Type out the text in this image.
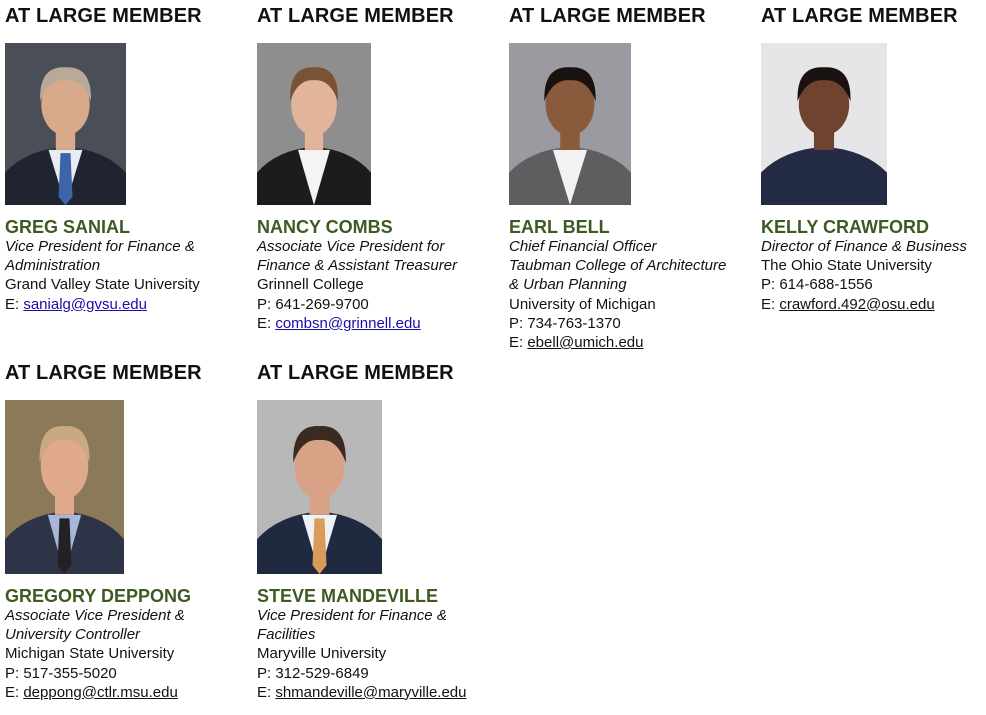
AT LARGE MEMBER
GREG SANIAL
Vice President for Finance &
Administration
Grand Valley State University
E: sanialg@gvsu.edu
AT LARGE MEMBER
NANCY COMBS
Associate Vice President for
Finance & Assistant Treasurer
Grinnell College
P: 641-269-9700
E: combsn@grinnell.edu
AT LARGE MEMBER
EARL BELL
Chief Financial Officer
Taubman College of Architecture
& Urban Planning
University of Michigan
P: 734-763-1370
E: ebell@umich.edu
AT LARGE MEMBER
KELLY CRAWFORD
Director of Finance & Business
The Ohio State University
P: 614-688-1556
E: crawford.492@osu.edu
AT LARGE MEMBER
GREGORY DEPPONG
Associate Vice President &
University Controller
Michigan State University
P: 517-355-5020
E: deppong@ctlr.msu.edu
AT LARGE MEMBER
STEVE MANDEVILLE
Vice President for Finance &
Facilities
Maryville University
P: 312-529-6849
E: shmandeville@maryville.edu
